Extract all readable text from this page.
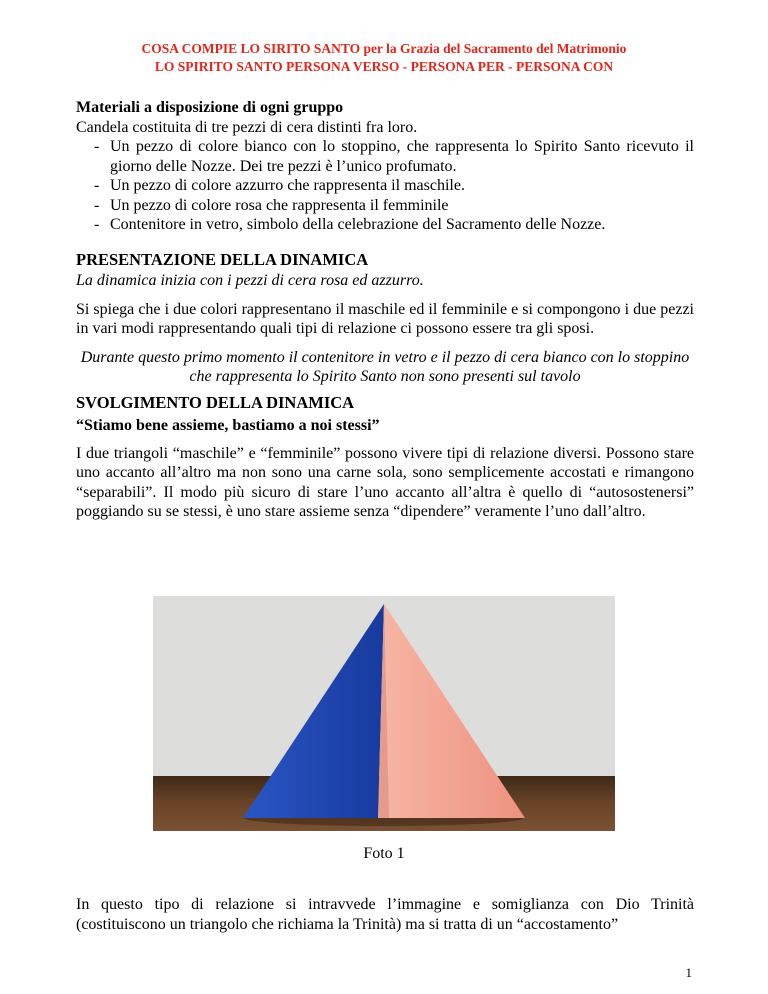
COSA COMPIE LO SIRITO SANTO per la Grazia del Sacramento del Matrimonio
LO SPIRITO SANTO PERSONA VERSO - PERSONA PER - PERSONA CON

Materiali a disposizione di ogni gruppo

Candela costituita di tre pezzi di cera distinti fra loro.

- Un pezzo di colore bianco con lo stoppino, che rappresenta lo Spirito Santo ricevuto il giorno delle Nozze. Dei tre pezzi è l’unico profumato.
- Un pezzo di colore azzurro che rappresenta il maschile.
- Un pezzo di colore rosa che rappresenta il femminile
- Contenitore in vetro, simbolo della celebrazione del Sacramento delle Nozze.

PRESENTAZIONE DELLA DINAMICA

La dinamica inizia con i pezzi di cera rosa ed azzurro.

Si spiega che i due colori rappresentano il maschile ed il femminile e si compongono i due pezzi in vari modi rappresentando quali tipi di relazione ci possono essere tra gli sposi.

Durante questo primo momento il contenitore in vetro e il pezzo di cera bianco con lo stoppino che rappresenta lo Spirito Santo non sono presenti sul tavolo

SVOLGIMENTO DELLA DINAMICA

“Stiamo bene assieme, bastiamo a noi stessi”

I due triangoli “maschile” e “femminile” possono vivere tipi di relazione diversi. Possono stare uno accanto all’altro ma non sono una carne sola, sono semplicemente accostati e rimangono “separabili”. Il modo più sicuro di stare l’uno accanto all’altra è quello di “autosostenersi” poggiando su se stessi, è uno stare assieme senza “dipendere” veramente l’uno dall’altro.

Foto 1
In questo tipo di relazione si intravvede l’immagine e somiglianza con Dio Trinità (costituiscono un triangolo che richiama la Trinità) ma si tratta di un “accostamento”
1
